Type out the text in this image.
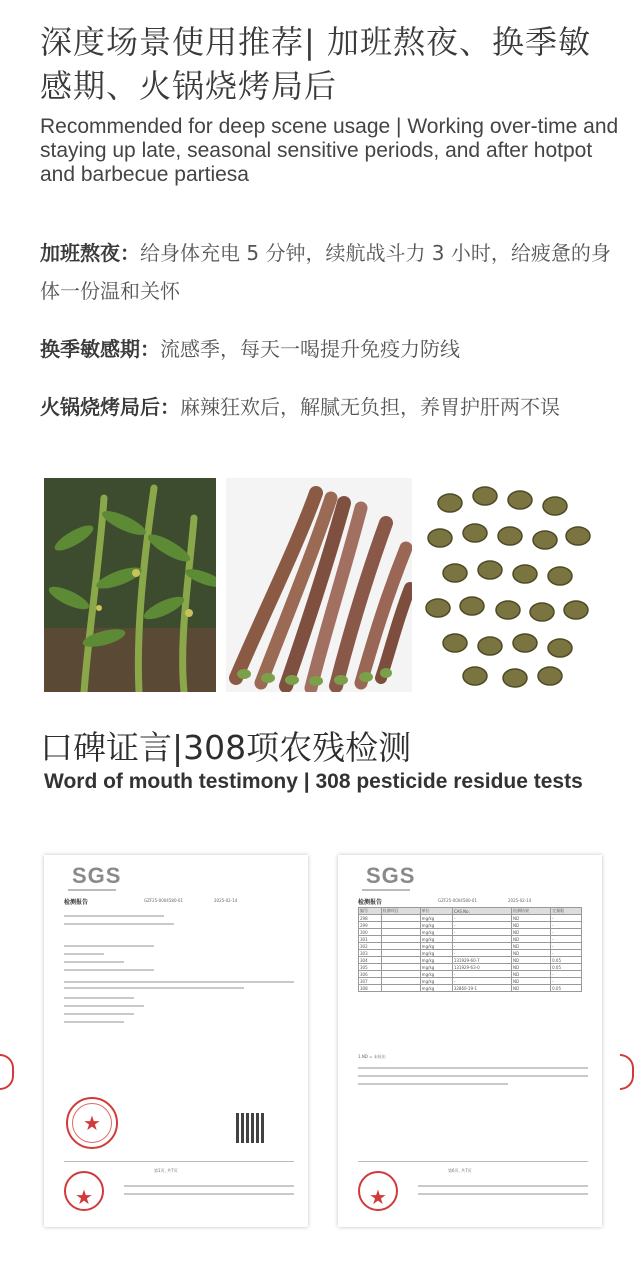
深度场景使用推荐| 加班熬夜、换季敏感期、火锅烧烤局后
Recommended for deep scene usage | Working over-time and staying up late, seasonal sensitive periods, and after hotpot and barbecue partiesa
加班熬夜：给身体充电 5 分钟，续航战斗力 3 小时，给疲惫的身体一份温和关怀
换季敏感期：流感季，每天一喝提升免疫力防线
火锅烧烤局后：麻辣狂欢后，解腻无负担，养胃护肝两不误
口碑证言|308项农残检测
Word of mouth testimony | 308 pesticide residue tests
SGS
检测报告	GZF25-0004580-01	2025-02-14
★
第1页, 共7页
★
SGS
检测报告	GZF25-0004580-01	2025-02-14
编号	检测项目	单位	CAS No.	检测结果	定量限
298		mg/kg	-	ND	-
299		mg/kg	-	ND	-
300		mg/kg	-	ND	-
301		mg/kg	-	ND	-
302		mg/kg	-	ND	-
303		mg/kg	-	ND	-
304		mg/kg	131929-60-7	ND	0.05
305		mg/kg	131929-63-0	ND	0.05
306		mg/kg	-	ND	-
307		mg/kg	-	ND	-
308		mg/kg	32860-19-1	ND	0.05
1.ND = 未检出
第6页, 共7页
★
